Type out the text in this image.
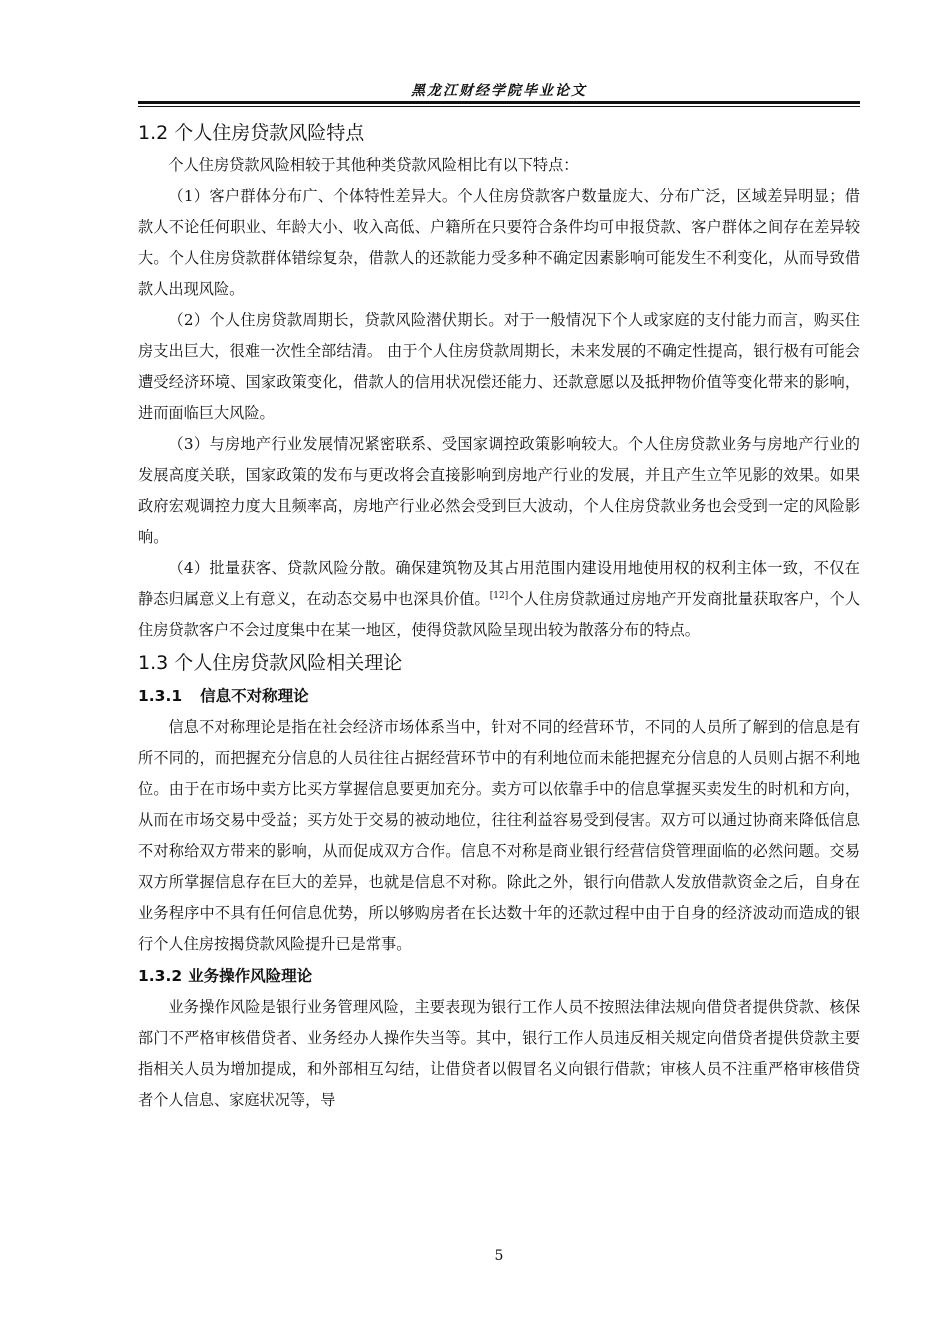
黑龙江财经学院毕业论文
1.2 个人住房贷款风险特点

个人住房贷款风险相较于其他种类贷款风险相比有以下特点：

（1）客户群体分布广、个体特性差异大。个人住房贷款客户数量庞大、分布广泛，区域差异明显；借款人不论任何职业、年龄大小、收入高低、户籍所在只要符合条件均可申报贷款、客户群体之间存在差异较大。个人住房贷款群体错综复杂，借款人的还款能力受多种不确定因素影响可能发生不利变化，从而导致借款人出现风险。

（2）个人住房贷款周期长，贷款风险潜伏期长。对于一般情况下个人或家庭的支付能力而言，购买住房支出巨大，很难一次性全部结清。 由于个人住房贷款周期长，未来发展的不确定性提高，银行极有可能会遭受经济环境、国家政策变化，借款人的信用状况偿还能力、还款意愿以及抵押物价值等变化带来的影响，进而面临巨大风险。

（3）与房地产行业发展情况紧密联系、受国家调控政策影响较大。个人住房贷款业务与房地产行业的发展高度关联，国家政策的发布与更改将会直接影响到房地产行业的发展，并且产生立竿见影的效果。如果政府宏观调控力度大且频率高，房地产行业必然会受到巨大波动，个人住房贷款业务也会受到一定的风险影响。

（4）批量获客、贷款风险分散。确保建筑物及其占用范围内建设用地使用权的权利主体一致，不仅在静态归属意义上有意义，在动态交易中也深具价值。[12]个人住房贷款通过房地产开发商批量获取客户，个人住房贷款客户不会过度集中在某一地区，使得贷款风险呈现出较为散落分布的特点。

1.3 个人住房贷款风险相关理论
1.3.1 信息不对称理论

信息不对称理论是指在社会经济市场体系当中，针对不同的经营环节，不同的人员所了解到的信息是有所不同的，而把握充分信息的人员往往占据经营环节中的有利地位而未能把握充分信息的人员则占据不利地位。由于在市场中卖方比买方掌握信息要更加充分。卖方可以依靠手中的信息掌握买卖发生的时机和方向，从而在市场交易中受益；买方处于交易的被动地位，往往利益容易受到侵害。双方可以通过协商来降低信息不对称给双方带来的影响，从而促成双方合作。信息不对称是商业银行经营信贷管理面临的必然问题。交易双方所掌握信息存在巨大的差异，也就是信息不对称。除此之外，银行向借款人发放借款资金之后，自身在业务程序中不具有任何信息优势，所以够购房者在长达数十年的还款过程中由于自身的经济波动而造成的银行个人住房按揭贷款风险提升已是常事。

1.3.2 业务操作风险理论

业务操作风险是银行业务管理风险，主要表现为银行工作人员不按照法律法规向借贷者提供贷款、核保部门不严格审核借贷者、业务经办人操作失当等。其中，银行工作人员违反相关规定向借贷者提供贷款主要指相关人员为增加提成，和外部相互勾结，让借贷者以假冒名义向银行借款；审核人员不注重严格审核借贷者个人信息、家庭状况等，导

5
